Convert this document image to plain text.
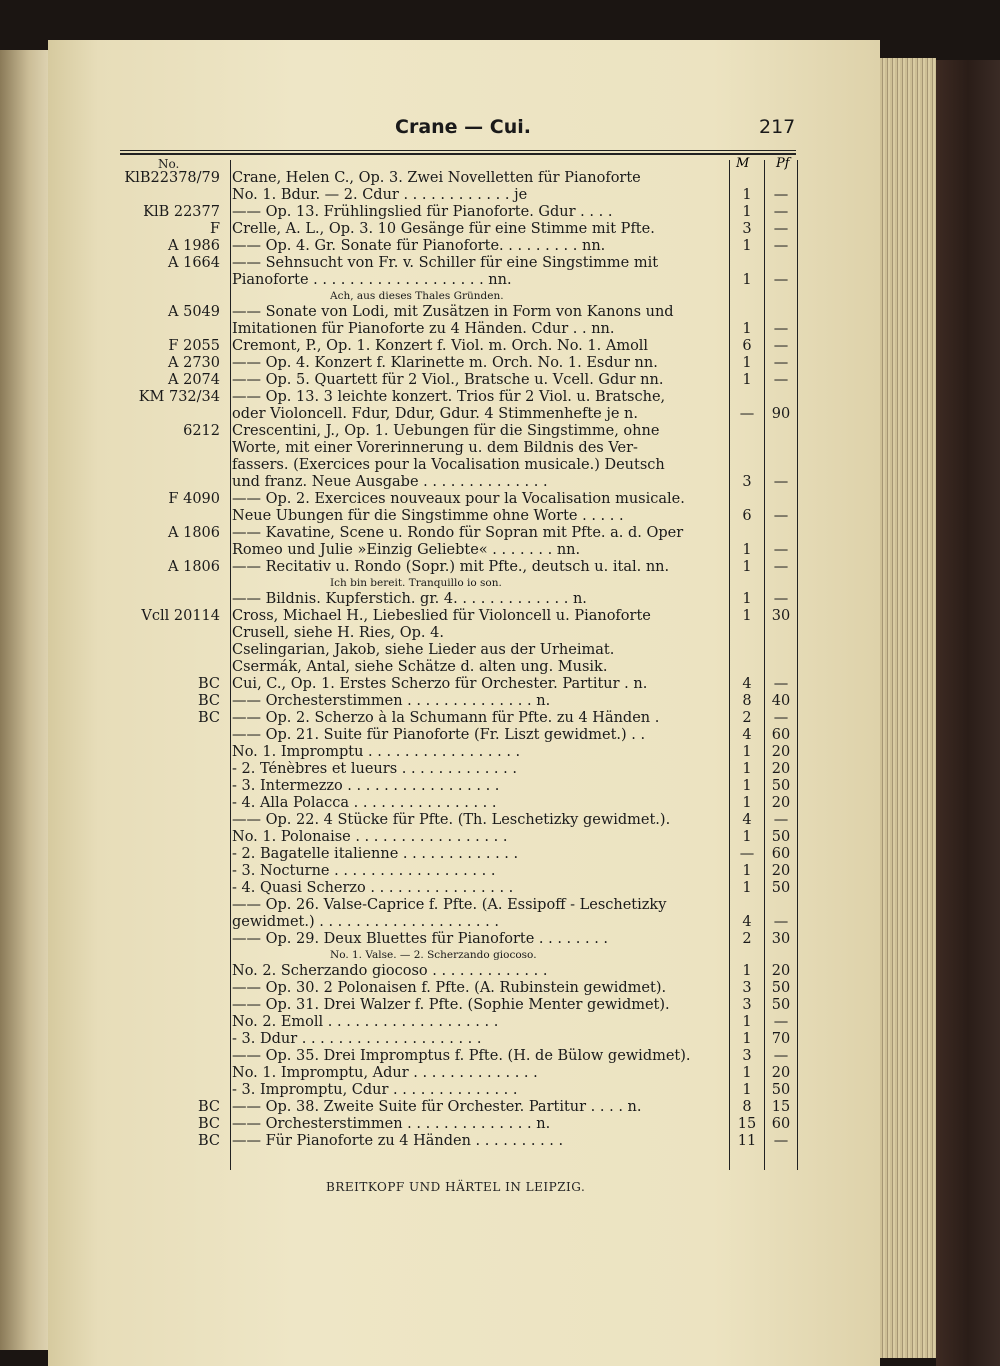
Crane — Cui.	217
No.	M Pf
KlB22378/79 Crane, Helen C., Op. 3. Zwei Novelletten für Pianoforte
No. 1. Bdur. — 2. Cdur . . . . . . . . . . . . je	1	—
KlB 22377 —— Op. 13. Frühlingslied für Pianoforte. Gdur . . . .	1	—
F Crelle, A. L., Op. 3. 10 Gesänge für eine Stimme mit Pfte.	3	—
A 1986 —— Op. 4. Gr. Sonate für Pianoforte. . . . . . . . . nn.	1	—
A 1664 —— Sehnsucht von Fr. v. Schiller für eine Singstimme mit
Pianoforte . . . . . . . . . . . . . . . . . . . nn.	1	—
Ach, aus dieses Thales Gründen.
A 5049 —— Sonate von Lodi, mit Zusätzen in Form von Kanons und
Imitationen für Pianoforte zu 4 Händen. Cdur . . nn.	1	—
F 2055 Cremont, P., Op. 1. Konzert f. Viol. m. Orch. No. 1. Amoll	6	—
A 2730 —— Op. 4. Konzert f. Klarinette m. Orch. No. 1. Esdur nn.	1	—
A 2074 —— Op. 5. Quartett für 2 Viol., Bratsche u. Vcell. Gdur nn.	1	—
KM 732/34 —— Op. 13. 3 leichte konzert. Trios für 2 Viol. u. Bratsche,
oder Violoncell. Fdur, Ddur, Gdur. 4 Stimmenhefte je n.	—	90
6212 Crescentini, J., Op. 1. Uebungen für die Singstimme, ohne
Worte, mit einer Vorerinnerung u. dem Bildnis des Ver-
fassers. (Exercices pour la Vocalisation musicale.) Deutsch
und franz. Neue Ausgabe . . . . . . . . . . . . . .	3	—
F 4090 —— Op. 2. Exercices nouveaux pour la Vocalisation musicale.
Neue Übungen für die Singstimme ohne Worte . . . . .	6	—
A 1806 —— Kavatine, Scene u. Rondo für Sopran mit Pfte. a. d. Oper
Romeo und Julie »Einzig Geliebte« . . . . . . . nn.	1	—
A 1806 —— Recitativ u. Rondo (Sopr.) mit Pfte., deutsch u. ital. nn.	1	—
Ich bin bereit. Tranquillo io son.
—— Bildnis. Kupferstich. gr. 4. . . . . . . . . . . . . n.	1	—
Vcll 20114 Cross, Michael H., Liebeslied für Violoncell u. Pianoforte	1	30
Crusell, siehe H. Ries, Op. 4.
Cselingarian, Jakob, siehe Lieder aus der Urheimat.
Csermák, Antal, siehe Schätze d. alten ung. Musik.
BC Cui, C., Op. 1. Erstes Scherzo für Orchester. Partitur . n.	4	—
BC —— Orchesterstimmen . . . . . . . . . . . . . . n.	8	40
BC —— Op. 2. Scherzo à la Schumann für Pfte. zu 4 Händen .	2	—
—— Op. 21. Suite für Pianoforte (Fr. Liszt gewidmet.) . .	4	60
No. 1. Impromptu . . . . . . . . . . . . . . . . .	1	20
- 2. Ténèbres et lueurs . . . . . . . . . . . . .	1	20
- 3. Intermezzo . . . . . . . . . . . . . . . . .	1	50
- 4. Alla Polacca . . . . . . . . . . . . . . . .	1	20
—— Op. 22. 4 Stücke für Pfte. (Th. Leschetizky gewidmet.).	4	—
No. 1. Polonaise . . . . . . . . . . . . . . . . .	1	50
- 2. Bagatelle italienne . . . . . . . . . . . . .	—	60
- 3. Nocturne . . . . . . . . . . . . . . . . . .	1	20
- 4. Quasi Scherzo . . . . . . . . . . . . . . . .	1	50
—— Op. 26. Valse-Caprice f. Pfte. (A. Essipoff - Leschetizky
gewidmet.) . . . . . . . . . . . . . . . . . . . .	4	—
—— Op. 29. Deux Bluettes für Pianoforte . . . . . . . .	2	30
No. 1. Valse. — 2. Scherzando giocoso.
No. 2. Scherzando giocoso . . . . . . . . . . . . .	1	20
—— Op. 30. 2 Polonaisen f. Pfte. (A. Rubinstein gewidmet).	3	50
—— Op. 31. Drei Walzer f. Pfte. (Sophie Menter gewidmet).	3	50
No. 2. Emoll . . . . . . . . . . . . . . . . . . .	1	—
- 3. Ddur . . . . . . . . . . . . . . . . . . . .	1	70
—— Op. 35. Drei Impromptus f. Pfte. (H. de Bülow gewidmet).	3	—
No. 1. Impromptu, Adur . . . . . . . . . . . . . .	1	20
- 3. Impromptu, Cdur . . . . . . . . . . . . . .	1	50
BC —— Op. 38. Zweite Suite für Orchester. Partitur . . . . n.	8	15
BC —— Orchesterstimmen . . . . . . . . . . . . . . n.	15	60
BC —— Für Pianoforte zu 4 Händen . . . . . . . . . .	11	—
BREITKOPF UND HÄRTEL IN LEIPZIG.
